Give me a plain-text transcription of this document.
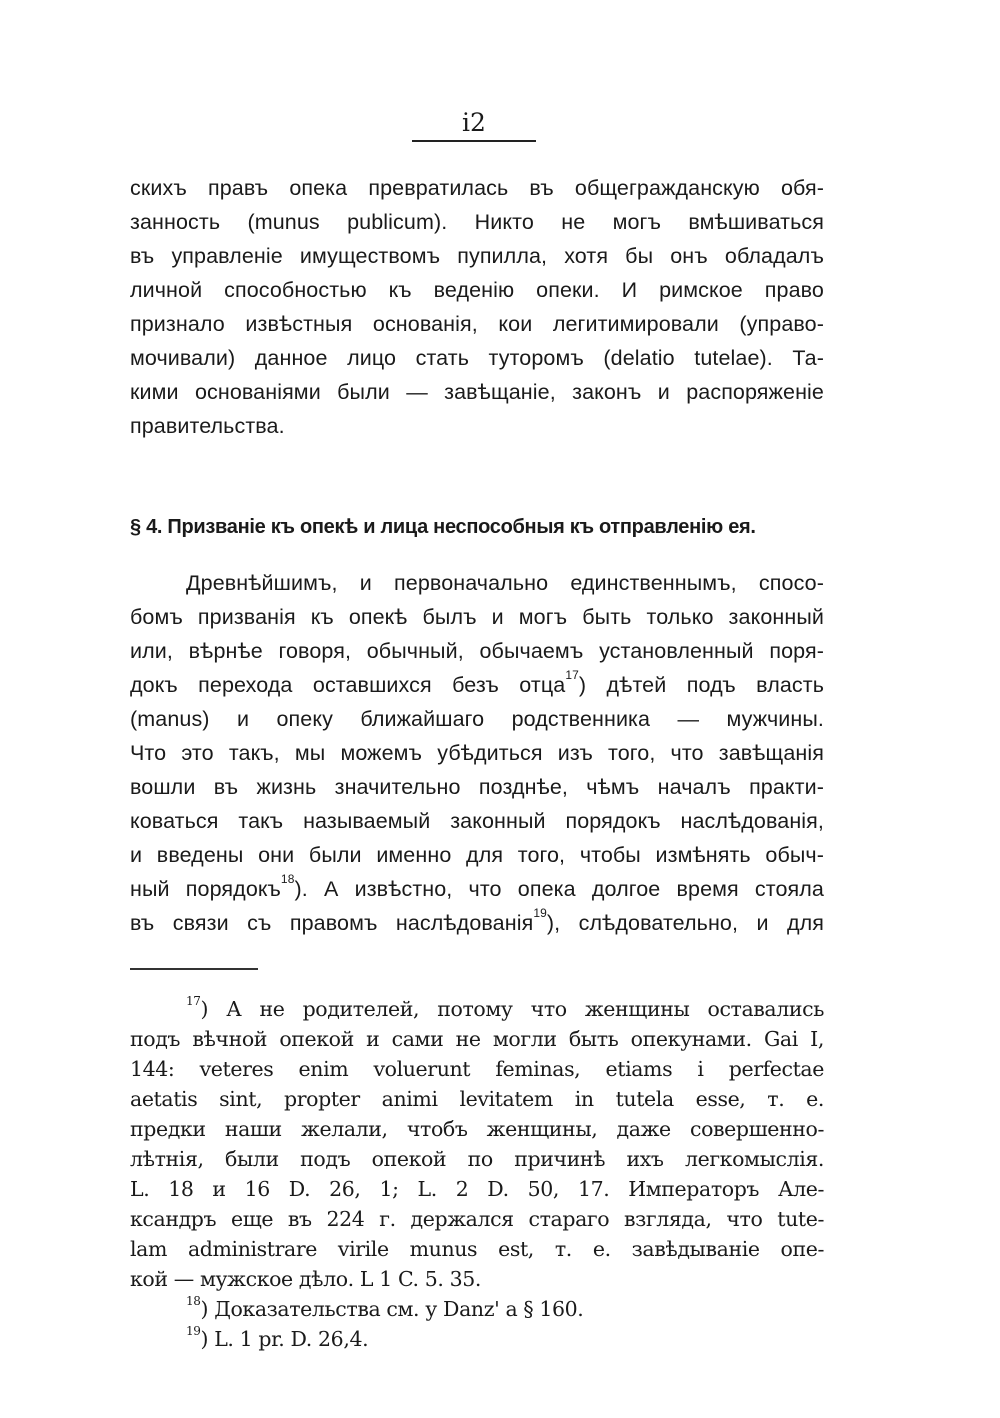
i2
скихъ правъ опека превратилась въ общегражданскую обя-
занность (munus publicum). Никто не могъ вмѣшиваться
въ управленіе имуществомъ пупилла, хотя бы онъ обладалъ
личной способностью къ веденію опеки. И римское право
признало извѣстныя основанія, кои легитимировали (управо-
мочивали) данное лицо стать туторомъ (delatio tutelae). Та-
кими основаніями были — завѣщаніе, законъ и распоряженіе
правительства.
§ 4. Призваніе къ опекѣ и лица неспособныя къ отправленію ея.
Древнѣйшимъ, и первоначально единственнымъ, спосо-
бомъ призванія къ опекѣ былъ и могъ быть только законный
или, вѣрнѣе говоря, обычный, обычаемъ установленный поря-
докъ перехода оставшихся безъ отца$^{17}$) дѣтей подъ власть
(manus) и опеку ближайшаго родственника — мужчины.
Что это такъ, мы можемъ убѣдиться изъ того, что завѣщанія
вошли въ жизнь значительно позднѣе, чѣмъ началъ практи-
коваться такъ называемый законный порядокъ наслѣдованія,
и введены они были именно для того, чтобы измѣнять обыч-
ный порядокъ$^{18}$). А извѣстно, что опека долгое время стояла
въ связи съ правомъ наслѣдованія$^{19}$), слѣдовательно, и для
$^{17}$) А не родителей, потому что женщины оставались
подъ вѣчной опекой и сами не могли быть опекунами. Gai I,
144: veteres enim voluerunt feminas, etiams i perfectae
aetatis sint, propter animi levitatem in tutela esse, т. е.
предки наши желали, чтобъ женщины, даже совершенно-
лѣтнія, были подъ опекой по причинѣ ихъ легкомыслія.
L. 18 и 16 D. 26, 1; L. 2 D. 50, 17. Императоръ Але-
ксандръ еще въ 224 г. держался стараго взгляда, что tute-
lam administrare virile munus est, т. е. завѣдываніе опе-
кой — мужское дѣло. L 1 C. 5. 35.
$^{18}$) Доказательства см. у Danz' а § 160.
$^{19}$) L. 1 pr. D. 26,4.
